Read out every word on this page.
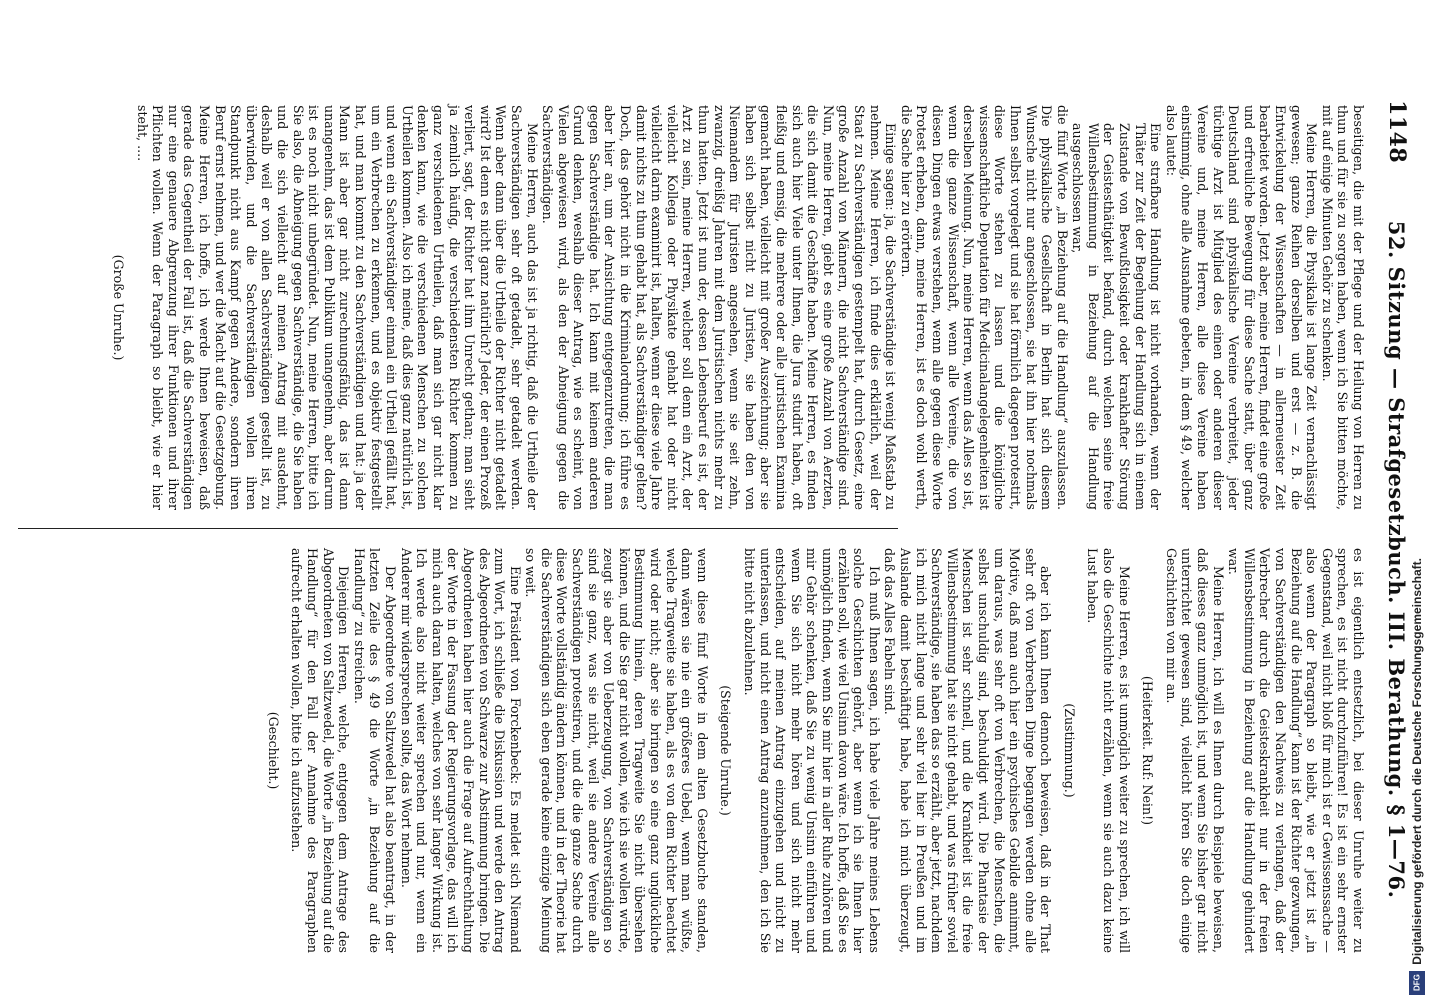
1148
52. Sitzung — Strafgesetzbuch. III. Berathung. § 1—76.

beseitigen, die mit der Pflege und der Heilung von Herren zu thun und für sie zu sorgen haben, wenn ich Sie bitten möchte, mit auf einige Minuten Gehör zu schenken.

Meine Herren, die Physikalie ist lange Zeit vernachlässigt gewesen; ganze Reihen derselben und erst — z. B. die Entwickelung der Wissenschaften — in allerneuester Zeit bearbeitet worden. Jetzt aber, meine Herren, findet eine große und erfreuliche Bewegung für diese Sache statt, über ganz Deutschland sind physikalische Vereine verbreitet, jeder tüchtige Arzt ist Mitglied des einen oder anderen dieser Vereine und, meine Herren, alle diese Vereine haben einstimmig, ohne alle Ausnahme gebeten, in dem § 49, welcher also lautet:

Eine strafbare Handlung ist nicht vorhanden, wenn der Thäter zur Zeit der Begehung der Handlung sich in einem Zustande von Bewußtlosigkeit oder krankhafter Störung der Geistesthätigkeit befand, durch welchen seine freie Willensbestimmung in Beziehung auf die Handlung ausgeschlossen war,

die fünf Worte „in Beziehung auf die Handlung“ auszulassen. Die physikalische Gesellschaft in Berlin hat sich diesem Wunsche nicht nur angeschlossen, sie hat ihn hier nochmals Ihnen selbst vorgelegt und sie hat förmlich dagegen protestirt, diese Worte stehen zu lassen und die königliche wissenschaftliche Deputation für Medicinalangelegenheiten ist derselben Meinung. Nun, meine Herren, wenn das Alles so ist, wenn die ganze Wissenschaft, wenn alle Vereine, die von diesen Dingen etwas verstehen, wenn alle gegen diese Worte Protest erheben, dann, meine Herren, ist es doch wohl werth, die Sache hier zu erörtern.

Einige sagen: ja, die Sachverständige ist wenig Maßstab zu nehmen. Meine Herren, ich finde dies erklärlich, weil der Staat zu Sachverständigen gestempelt hat, durch Gesetz, eine große Anzahl von Männern, die nicht Sachverständige sind. Nun, meine Herren, giebt es eine große Anzahl von Aerzten, die sich damit die Geschäfte haben. Meine Herren, es finden sich auch hier Viele unter Ihnen, die Jura studirt haben, oft fleißig und emsig, die mehrere oder alle juristischen Examina gemacht haben, vielleicht mit großer Auszeichnung; aber sie haben sich selbst nicht zu Juristen, sie haben den von Niemandem für Juristen angesehen, wenn sie seit zehn, zwanzig, dreißig Jahren mit dem Juristischen nichts mehr zu thun hatten. Jetzt ist nun der, dessen Lebensberuf es ist, der Arzt zu sein, meine Herren, welcher soll denn ein Arzt, der vielleicht Kollegia oder Physikate gehabt hat oder nicht vielleicht darin examinirt ist, halten, wenn er diese viele Jahre damit nichts zu thun gehabt hat, als Sachverständiger gelten? Doch, das gehört nicht in die Kriminalordnung; ich führe es aber hier an, um der Ansichtung entgegenzutreten, die man gegen Sachverständige hat. Ich kann mit keinem anderen Grund denken, weshalb dieser Antrag, wie es scheint, von Vielen abgewiesen wird, als den der Abneigung gegen die Sachverständigen.

Meine Herren, auch das ist ja richtig, daß die Urtheile der Sachverständigen sehr oft getadelt, sehr getadelt werden. Wenn aber dann über die Urtheile der Richter nicht getadelt wird? Ist denn es nicht ganz natürlich? Jeder, der einen Prozeß verliert, sagt, der Richter hat ihm Unrecht gethan; man sieht ja ziemlich häufig, die verschiedensten Richter kommen zu ganz verschiedenen Urtheilen, daß man sich gar nicht klar denken kann, wie die verschiedenen Menschen zu solchen Urtheilen kommen. Also ich meine, daß dies ganz natürlich ist, und wenn ein Sachverständiger einmal ein Urtheil gefällt hat, um ein Verbrechen zu erkennen, und es objektiv festgestellt hat, und man kommt zu den Sachverständigen und hat: ja der Mann ist aber gar nicht zurechnungsfähig, das ist dann unangenehm, das ist dem Publikum unangenehm, aber darum ist es noch nicht unbegründet. Nun, meine Herren, bitte ich Sie also, die Abneigung gegen Sachverständige, die Sie haben und die sich vielleicht auf meinen Antrag mit ausdehnt, deshalb weil er von allen Sachverständigen gestellt ist, zu überwinden, und die Sachverständigen wollen ihren Standpunkt nicht aus Kampf gegen Andere, sondern ihren Beruf ernst nehmen, und wer die Macht auf die Gesetzgebung. Meine Herren, ich hoffe, ich werde Ihnen beweisen, daß gerade das Gegentheil der Fall ist, daß die Sachverständigen nur eine genauere Abgrenzung ihrer Funktionen und ihrer Pflichten wollen. Wenn der Paragraph so bleibt, wie er hier steht, ....

(Große Unruhe.)

es ist eigentlich entsetzlich, bei dieser Unruhe weiter zu sprechen, es ist nicht durchzuführen! Es ist ein sehr ernster Gegenstand, weil nicht bloß für mich ist er Gewissenssache — also wenn der Paragraph so bleibt, wie er jetzt ist „in Beziehung auf die Handlung“ kann ist der Richter gezwungen, von Sachverständigen den Nachweis zu verlangen, daß der Verbrecher durch die Geisteskrankheit nur in der freien Willensbestimmung in Beziehung auf die Handlung gehindert war.

Meine Herren, ich will es Ihnen durch Beispiele beweisen, daß dieses ganz unmöglich ist, und wenn Sie bisher gar nicht unterrichtet gewesen sind, vielleicht hören Sie doch einige Geschichten von mir an.

(Heiterkeit. Ruf: Nein!)

Meine Herren, es ist unmöglich weiter zu sprechen, ich will also die Geschichte nicht erzählen, wenn sie auch dazu keine Lust haben.

(Zustimmung.)

aber ich kann Ihnen dennoch beweisen, daß in der That sehr oft von Verbrechen Dinge begangen werden ohne alle Motive, daß man auch hier ein psychisches Gebilde annimmt, um daraus, was sehr oft von Verbrechen, die Menschen, die selbst unschuldig sind, beschuldigt wird. Die Phantasie der Menschen ist sehr schnell, und die Krankheit ist die freie Willensbestimmung hat sie nicht gehabt, und was früher soviel Sachverständige, sie haben das so erzählt, aber jetzt, nachdem ich mich nicht lange und sehr viel hier in Preußen und im Auslande damit beschäftigt habe, habe ich mich überzeugt, daß das Alles Fabeln sind.

Ich muß Ihnen sagen, ich habe viele Jahre meines Lebens solche Geschichten gehört, aber wenn ich sie Ihnen hier erzählen soll, wie viel Unsinn davon wäre. Ich hoffe, daß Sie es unmöglich finden, wenn Sie mir hier in aller Ruhe zuhören und mir Gehör schenken, daß Sie zu wenig Unsinn einführen und wenn Sie sich nicht mehr hören und sich nicht mehr entscheiden, auf meinen Antrag einzugehen und nicht zu unterlassen, und nicht einen Antrag anzunehmen, den ich Sie bitte nicht abzulehnen.

(Steigende Unruhe.)

wenn diese fünf Worte in dem alten Gesetzbuche standen, dann wären sie nie ein größeres Uebel, wenn man wüßte, welche Tragweite sie haben, als es von dem Richter beachtet wird oder nicht; aber sie bringen so eine ganz unglückliche Bestimmung hinein, deren Tragweite Sie nicht übersehen können, und die Sie gar nicht wollen, wie ich sie wollen würde, zeugt sie aber von Ueberzeugung, von Sachverständigen so sind sie ganz, was sie nicht, weil sie andere Vereine alle Sachverständigen protestiren, und die die ganze Sache durch diese Worte vollständig ändern können, und in der Theorie hat die Sachverständigen sich eben gerade keine einzige Meinung so weit.

Eine Präsident von Forckenbeck: Es meldet sich Niemand zum Wort, ich schließe die Diskussion und werde den Antrag des Abgeordneten von Schwarze zur Abstimmung bringen. Die Abgeordneten haben hier auch die Frage auf Aufrechthaltung der Worte in der Fassung der Regierungsvorlage, das will ich mich auch daran halten, welches von sehr langer Wirkung ist. Ich werde also nicht weiter sprechen und nur, wenn ein Anderer mir widersprechen sollte, das Wort nehmen.

Der Abgeordnete von Saltzwedel hat also beantragt, in der letzten Zeile des § 49 die Worte „in Beziehung auf die Handlung“ zu streichen.

Diejenigen Herren, welche, entgegen dem Antrage des Abgeordneten von Saltzwedel, die Worte „in Beziehung auf die Handlung“ für den Fall der Annahme des Paragraphen aufrecht erhalten wollen, bitte ich aufzustehen.

(Geschieht.)	Digitalisierung gefördert durch die Deutsche Forschungsgemeinschaft.
DFG
